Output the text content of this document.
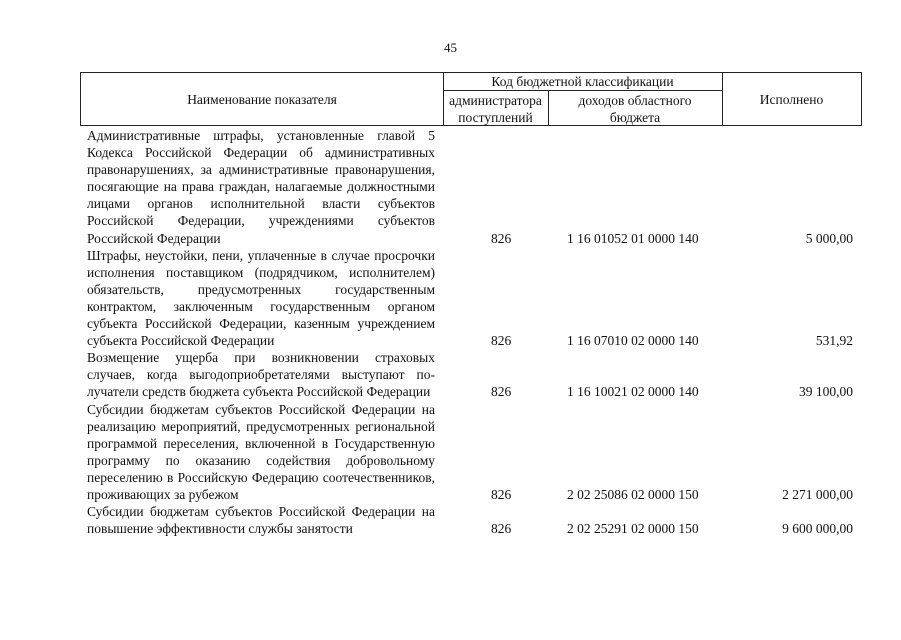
45
Наименование показателя
Код бюджетной классификации
администратора
поступлений
доходов областного
бюджета
Исполнено
Административные штрафы, установленные главой 5 Кодекса Российской Федерации об административных правонарушениях, за административные правонарушения, посягающие на права граждан, налагаемые должностными лицами органов исполнительной власти субъектов Российской Федерации, учреждениями субъектов Российской Федерации	826	1 16 01052 01 0000 140	5 000,00
Штрафы, неустойки, пени, уплаченные в случае просрочки исполнения поставщиком (подрядчиком, исполнителем) обязательств, предусмотренных государственным контрактом, заключенным государственным органом субъекта Российской Федерации, казенным учреждением субъекта Российской Федерации	826	1 16 07010 02 0000 140	531,92
Возмещение ущерба при возникновении страховых случаев, когда выгодоприобретателями выступают получатели средств бюджета субъекта Российской Федерации	826	1 16 10021 02 0000 140	39 100,00
Субсидии бюджетам субъектов Российской Федерации на реализацию мероприятий, предусмотренных региональной программой переселения, включенной в Государственную программу по оказанию содействия добровольному переселению в Российскую Федерацию соотечественников, проживающих за рубежом	826	2 02 25086 02 0000 150	2 271 000,00
Субсидии бюджетам субъектов Российской Федерации на повышение эффективности службы занятости	826	2 02 25291 02 0000 150	9 600 000,00
